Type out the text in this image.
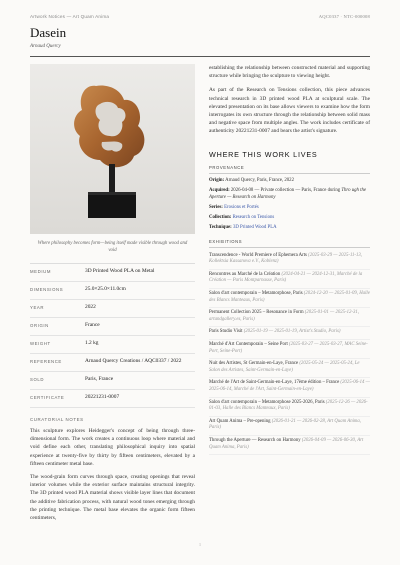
Artwork Notices — Art Quam Anima	AQC0337 · NTC-000008
Dasein
Arnaud Quercy
Where philosophy becomes form—being itself made visible through wood and void
MEDIUM	3D Printed Wood PLA on Metal
DIMENSIONS	25.0×25.0×11.0cm
YEAR	2022
ORIGIN	France
WEIGHT	1.2 kg
REFERENCE	Arnaud Quercy Creations / AQC0337 / 2022
SOLD	Paris, France
CERTIFICATE	20221231-0007
CURATORIAL NOTES

This sculpture explores Heidegger's concept of being through three-dimensional form. The work creates a continuous loop where material and void define each other, translating philosophical inquiry into spatial experience at twenty-five by thirty by fifteen centimeters, elevated by a fifteen centimeter metal base.

The wood-grain form curves through space, creating openings that reveal interior volumes while the exterior surface maintains structural integrity. The 3D printed wood PLA material shows visible layer lines that document the additive fabrication process, with natural wood tones emerging through the printing technique. The metal base elevates the organic form fifteen centimeters,

establishing the relationship between constructed material and supporting structure while bringing the sculpture to viewing height.

As part of the Research on Tensions collection, this piece advances technical research in 3D printed wood PLA at sculptural scale. The elevated presentation on its base allows viewers to examine how the form interrogates its own structure through the relationship between solid mass and negative space from multiple angles. The work includes certificate of authenticity 20221231-0007 and bears the artist's signature.

WHERE THIS WORK LIVES
PROVENANCE
Origin: Arnaud Quercy, Paris, France, 2022
Acquired: 2026-04-08 — Private collection — Paris, France during Thro ugh the Aperture — Research on Harmony
Series: Erosions et Portés
Collection: Research on Tensions
Technique: 3D Printed Wood PLA
EXHIBITIONS
Transcendence - World Premiere of Ephemera Arts (2025-03-29 — 2025-11-13, Kollektsia Kassanova e.V., Koblenz)
Rencontres au Marché de la Création (2024-04-21 — 2024-12-31, Marché de la Création — Paris Montparnasse, Paris)
Salon d'art contemporain – Metamorphose, Paris (2024-12-20 — 2025-01-09, Halle des Blancs Manteaux, Paris)
Permanent Collection 2025 – Resonance in Form (2025-01-01 — 2025-12-31, artandgallery.es, Paris)
Paris Studio Visit (2025-01-19 — 2025-01-19, Artist's Studio, Paris)
Marché d'Art Contemporain – Seine Port (2025-03-27 — 2025-03-27, MAC Seine-Port, Seine-Port)
Nuit des Artistes, St Germain-en-Laye, France (2025-05-24 — 2025-05-24, Le Salon des Artistes, Saint-Germain-en-Laye)
Marché de l'Art de Saint-Germain-en-Laye, 17ème édition – France (2025-06-14 — 2025-06-14, Marché de l'Art, Saint-Germain-en-Laye)
Salon d'art contemporain – Metamorphose 2025-2026, Paris (2025-12-26 — 2026-01-03, Halle des Blancs Manteaux, Paris)
Art Quam Anima – Pre-opening (2026-01-21 — 2026-02-28, Art Quam Anima, Paris)
Through the Aperture — Research on Harmony (2026-04-09 — 2026-06-30, Art Quam Anima, Paris)
1
